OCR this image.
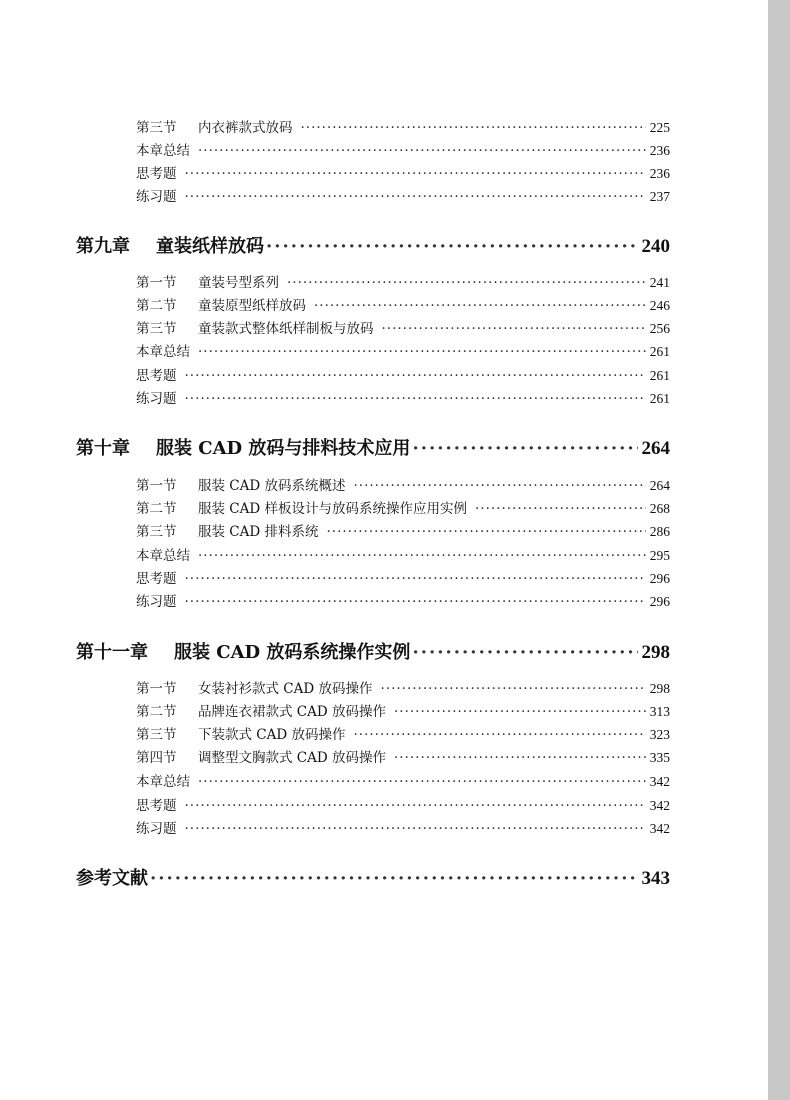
第三节	内衣裤款式放码 ·····	225
本章总结 ·····	236
思考题 ·····	236
练习题 ·····	237
第九章	童装纸样放码 ·····	240
第一节	童装号型系列 ·····	241
第二节	童装原型纸样放码 ·····	246
第三节	童装款式整体纸样制板与放码 ·····	256
本章总结 ·····	261
思考题 ·····	261
练习题 ·····	261
第十章	服装 CAD 放码与排料技术应用 ·····	264
第一节	服装 CAD 放码系统概述 ·····	264
第二节	服装 CAD 样板设计与放码系统操作应用实例 ·····	268
第三节	服装 CAD 排料系统 ·····	286
本章总结 ·····	295
思考题 ·····	296
练习题 ·····	296
第十一章	服装 CAD 放码系统操作实例 ·····	298
第一节	女装衬衫款式 CAD 放码操作 ·····	298
第二节	品牌连衣裙款式 CAD 放码操作 ·····	313
第三节	下装款式 CAD 放码操作 ·····	323
第四节	调整型文胸款式 CAD 放码操作 ·····	335
本章总结 ·····	342
思考题 ·····	342
练习题 ·····	342
参考文献 ·····	343
